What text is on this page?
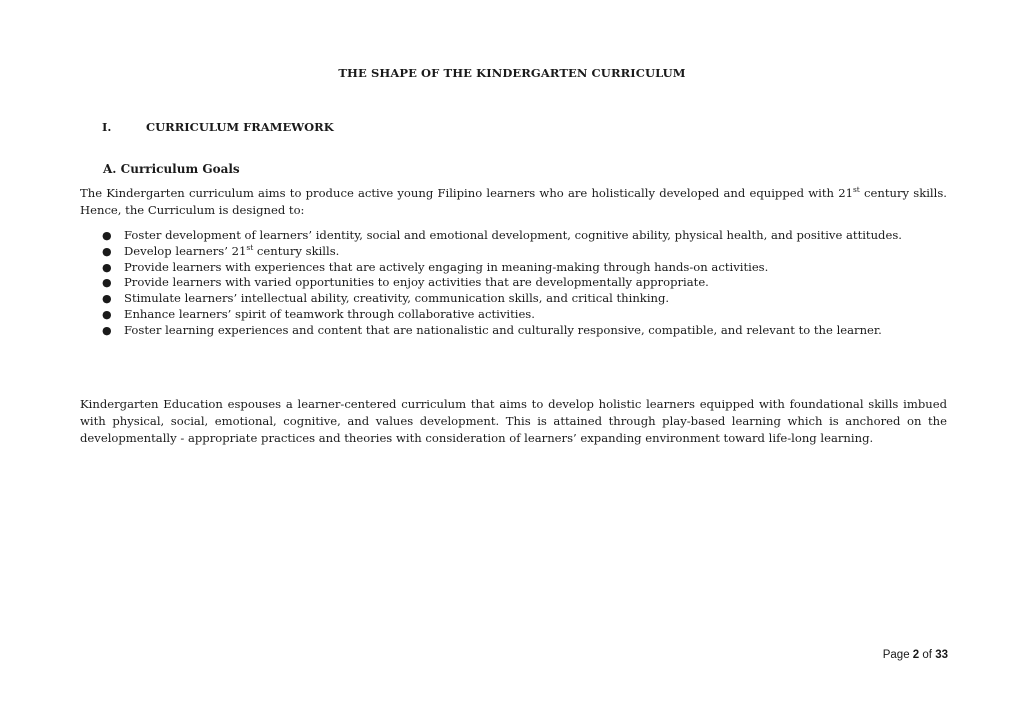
THE SHAPE OF THE KINDERGARTEN CURRICULUM
I.	CURRICULUM FRAMEWORK
A. Curriculum Goals

The Kindergarten curriculum aims to produce active young Filipino learners who are holistically developed and equipped with 21st century skills. Hence, the Curriculum is designed to:

● Foster development of learners’ identity, social and emotional development, cognitive ability, physical health, and positive attitudes.
● Develop learners’ 21st century skills.
● Provide learners with experiences that are actively engaging in meaning-making through hands-on activities.
● Provide learners with varied opportunities to enjoy activities that are developmentally appropriate.
● Stimulate learners’ intellectual ability, creativity, communication skills, and critical thinking.
● Enhance learners’ spirit of teamwork through collaborative activities.
● Foster learning experiences and content that are nationalistic and culturally responsive, compatible, and relevant to the learner.

Kindergarten Education espouses a learner-centered curriculum that aims to develop holistic learners equipped with foundational skills imbued with physical, social, emotional, cognitive, and values development. This is attained through play-based learning which is anchored on the developmentally - appropriate practices and theories with consideration of learners’ expanding environment toward life-long learning.

Page 2 of 33
